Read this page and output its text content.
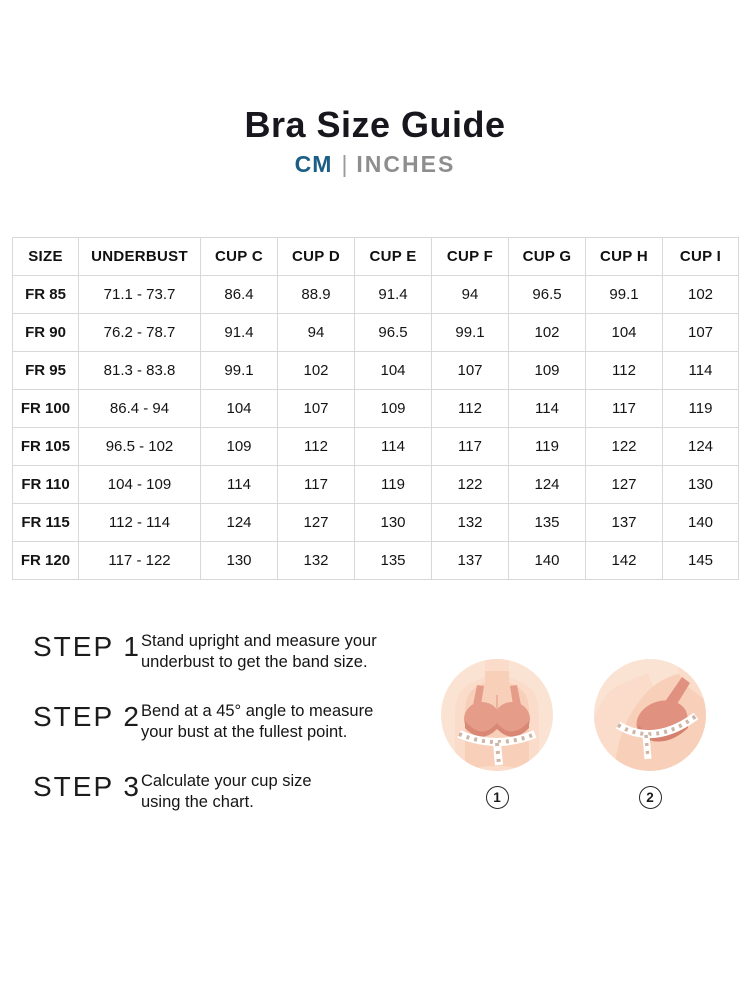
Bra Size Guide
CM | INCHES
SIZE	UNDERBUST	CUP C	CUP D	CUP E	CUP F	CUP G	CUP H	CUP I
FR 85	71.1 - 73.7	86.4	88.9	91.4	94	96.5	99.1	102
FR 90	76.2 - 78.7	91.4	94	96.5	99.1	102	104	107
FR 95	81.3 - 83.8	99.1	102	104	107	109	112	114
FR 100	86.4 - 94	104	107	109	112	114	117	119
FR 105	96.5 - 102	109	112	114	117	119	122	124
FR 110	104 - 109	114	117	119	122	124	127	130
FR 115	112 - 114	124	127	130	132	135	137	140
FR 120	117 - 122	130	132	135	137	140	142	145
STEP 1 Stand upright and measure your
underbust to get the band size.
STEP 2 Bend at a 45° angle to measure
your bust at the fullest point.
STEP 3 Calculate your cup size
using the chart.	1	2
